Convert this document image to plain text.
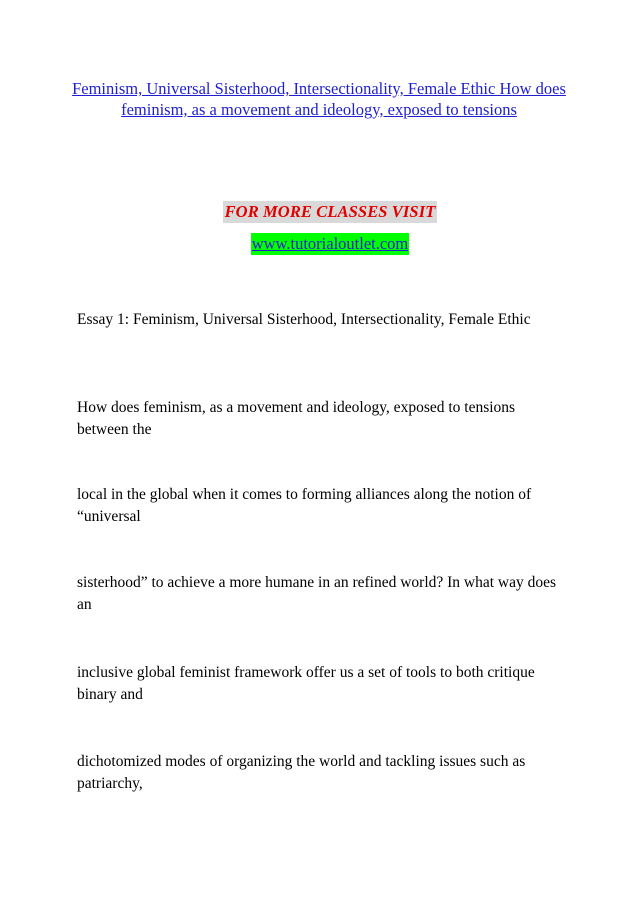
Feminism, Universal Sisterhood, Intersectionality, Female Ethic How does feminism, as a movement and ideology, exposed to tensions
FOR MORE CLASSES VISIT
www.tutorialoutlet.com

Essay 1: Feminism, Universal Sisterhood, Intersectionality, Female Ethic

How does feminism, as a movement and ideology, exposed to tensions between the

local in the global when it comes to forming alliances along the notion of “universal

sisterhood” to achieve a more humane in an refined world? In what way does an

inclusive global feminist framework offer us a set of tools to both critique binary and

dichotomized modes of organizing the world and tackling issues such as patriarchy,
